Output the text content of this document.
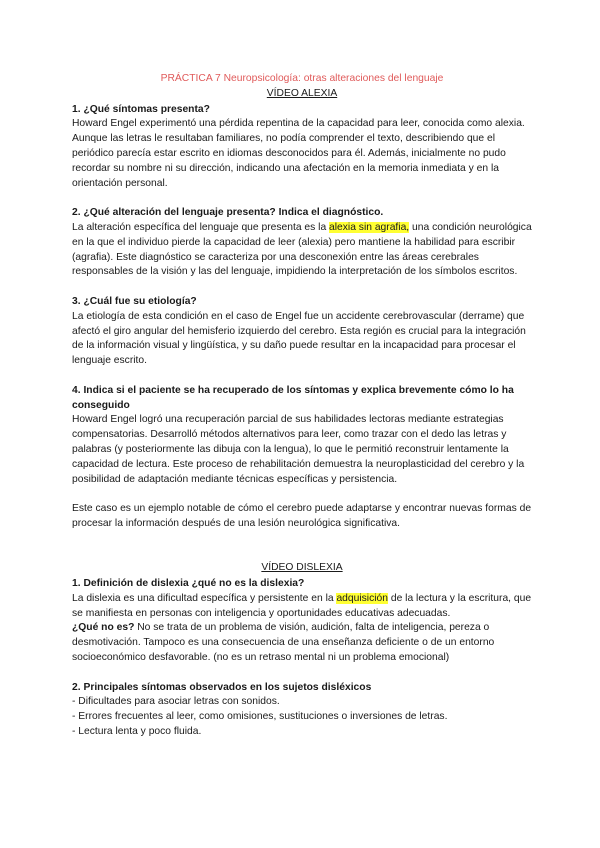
PRÁCTICA 7 Neuropsicología: otras alteraciones del lenguaje

VÍDEO ALEXIA

1. ¿Qué síntomas presenta?

Howard Engel experimentó una pérdida repentina de la capacidad para leer, conocida como alexia. Aunque las letras le resultaban familiares, no podía comprender el texto, describiendo que el periódico parecía estar escrito en idiomas desconocidos para él. Además, inicialmente no pudo recordar su nombre ni su dirección, indicando una afectación en la memoria inmediata y en la orientación personal.

2. ¿Qué alteración del lenguaje presenta? Indica el diagnóstico.

La alteración específica del lenguaje que presenta es la alexia sin agrafia, una condición neurológica en la que el individuo pierde la capacidad de leer (alexia) pero mantiene la habilidad para escribir (agrafia). Este diagnóstico se caracteriza por una desconexión entre las áreas cerebrales responsables de la visión y las del lenguaje, impidiendo la interpretación de los símbolos escritos.

3. ¿Cuál fue su etiología?

La etiología de esta condición en el caso de Engel fue un accidente cerebrovascular (derrame) que afectó el giro angular del hemisferio izquierdo del cerebro. Esta región es crucial para la integración de la información visual y lingüística, y su daño puede resultar en la incapacidad para procesar el lenguaje escrito.

4. Indica si el paciente se ha recuperado de los síntomas y explica brevemente cómo lo ha conseguido

Howard Engel logró una recuperación parcial de sus habilidades lectoras mediante estrategias compensatorias. Desarrolló métodos alternativos para leer, como trazar con el dedo las letras y palabras (y posteriormente las dibuja con la lengua), lo que le permitió reconstruir lentamente la capacidad de lectura. Este proceso de rehabilitación demuestra la neuroplasticidad del cerebro y la posibilidad de adaptación mediante técnicas específicas y persistencia.

Este caso es un ejemplo notable de cómo el cerebro puede adaptarse y encontrar nuevas formas de procesar la información después de una lesión neurológica significativa.

VÍDEO DISLEXIA

1. Definición de dislexia ¿qué no es la dislexia?

La dislexia es una dificultad específica y persistente en la adquisición de la lectura y la escritura, que se manifiesta en personas con inteligencia y oportunidades educativas adecuadas.

¿Qué no es? No se trata de un problema de visión, audición, falta de inteligencia, pereza o desmotivación. Tampoco es una consecuencia de una enseñanza deficiente o de un entorno socioeconómico desfavorable. (no es un retraso mental ni un problema emocional)

2. Principales síntomas observados en los sujetos disléxicos

- Dificultades para asociar letras con sonidos.

- Errores frecuentes al leer, como omisiones, sustituciones o inversiones de letras.

- Lectura lenta y poco fluida.
